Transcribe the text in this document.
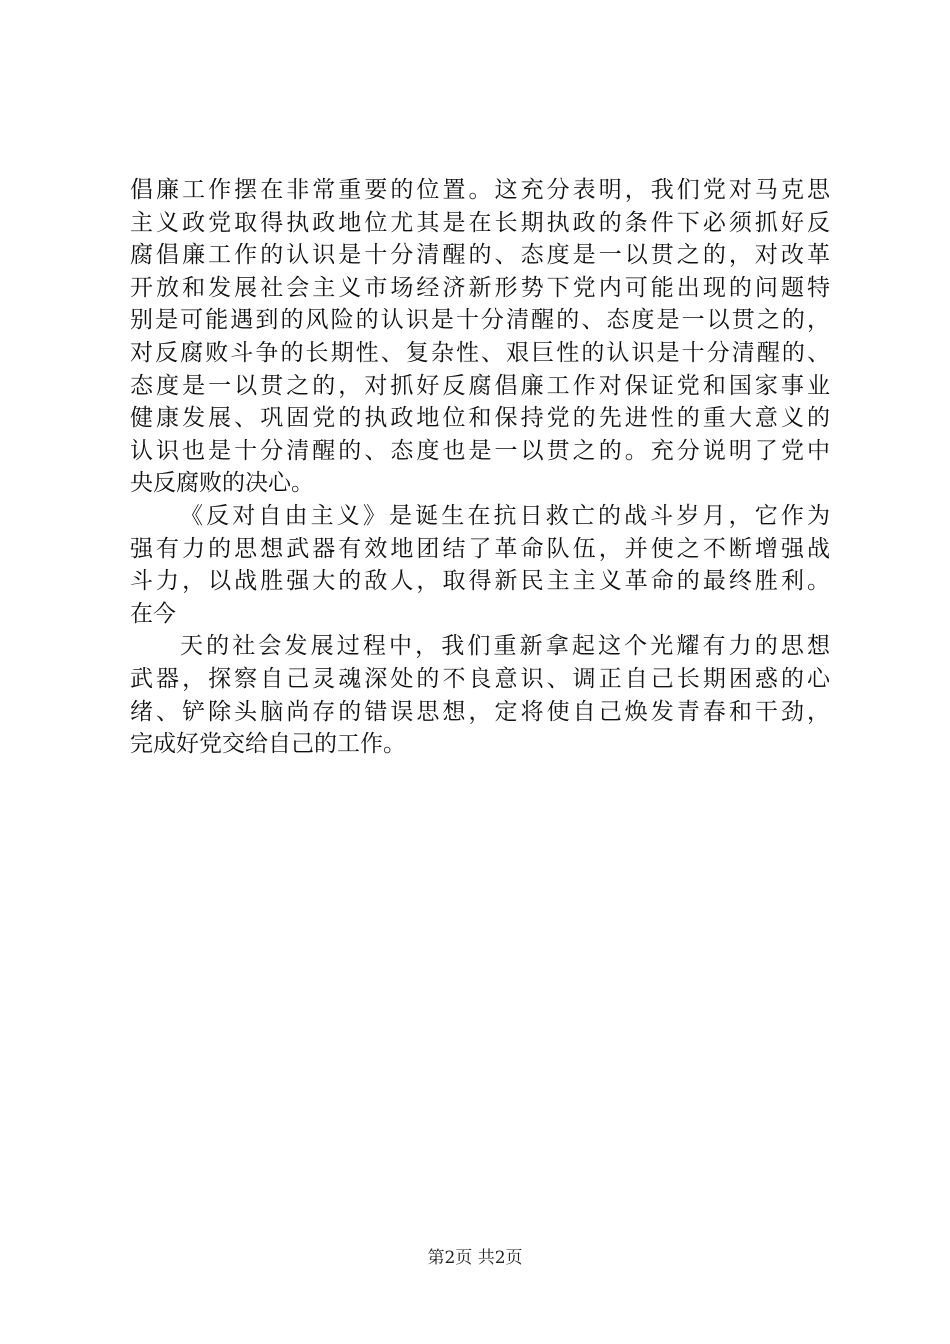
倡廉工作摆在非常重要的位置。这充分表明，我们党对马克思
主义政党取得执政地位尤其是在长期执政的条件下必须抓好反
腐倡廉工作的认识是十分清醒的、态度是一以贯之的，对改革
开放和发展社会主义市场经济新形势下党内可能出现的问题特
别是可能遇到的风险的认识是十分清醒的、态度是一以贯之的，
对反腐败斗争的长期性、复杂性、艰巨性的认识是十分清醒的、
态度是一以贯之的，对抓好反腐倡廉工作对保证党和国家事业
健康发展、巩固党的执政地位和保持党的先进性的重大意义的
认识也是十分清醒的、态度也是一以贯之的。充分说明了党中
央反腐败的决心。
《反对自由主义》是诞生在抗日救亡的战斗岁月，它作为
强有力的思想武器有效地团结了革命队伍，并使之不断增强战
斗力，以战胜强大的敌人，取得新民主主义革命的最终胜利。
在今
天的社会发展过程中，我们重新拿起这个光耀有力的思想
武器，探察自己灵魂深处的不良意识、调正自己长期困惑的心
绪、铲除头脑尚存的错误思想，定将使自己焕发青春和干劲，
完成好党交给自己的工作。
第2页 共2页
